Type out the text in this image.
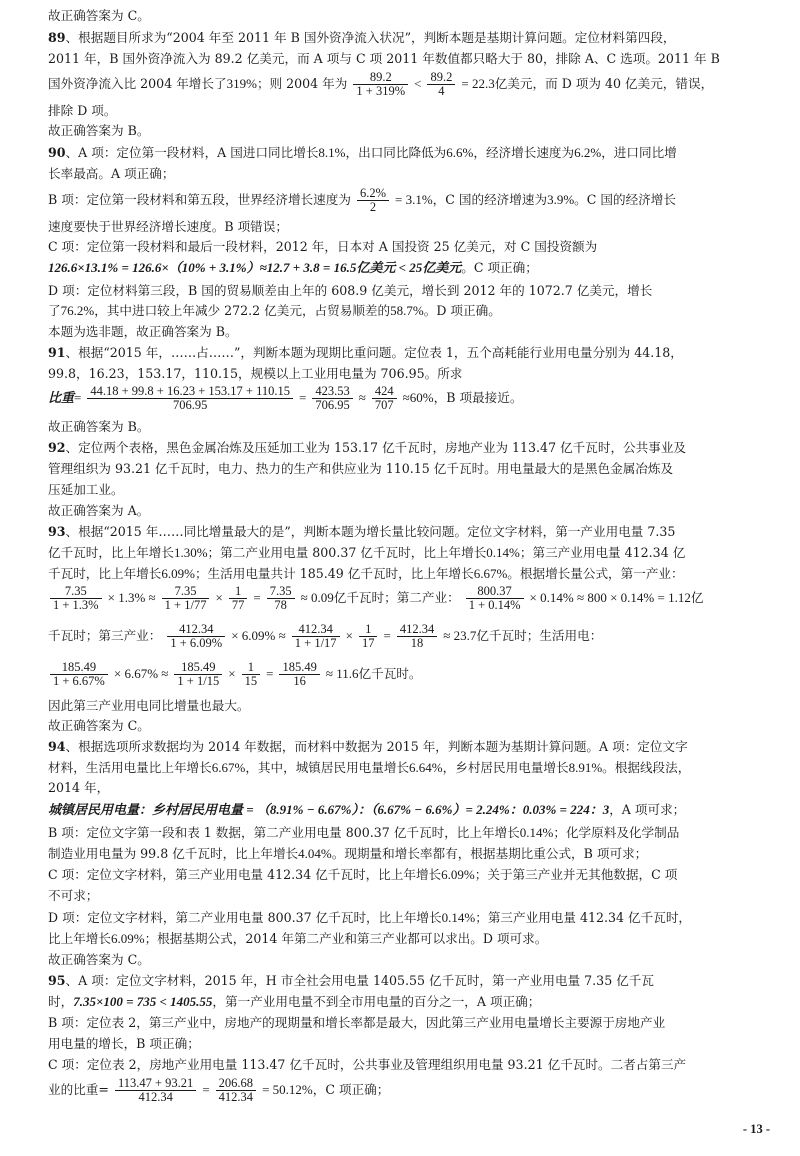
故正确答案为 C。
89、根据题目所求为“2004 年至 2011 年 B 国外资净流入状况”，判断本题是基期计算问题。定位材料第四段，
2011 年，B 国外资净流入为 89.2 亿美元，而 A 项与 C 项 2011 年数值都只略大于 80，排除 A、C 选项。2011 年 B
国外资净流入比 2004 年增长了319%；则 2004 年为 $\frac{89.2}{1 + 319\%} < \frac{89.2}{4} = 22.3$亿美元，而 D 项为 40 亿美元，错误，
排除 D 项。
故正确答案为 B。
90、A 项：定位第一段材料，A 国进口同比增长8.1%，出口同比降低为6.6%，经济增长速度为6.2%，进口同比增
长率最高。A 项正确；
B 项：定位第一段材料和第五段，世界经济增长速度为 $\frac{6.2\%}{2} = 3.1\%$，C 国的经济增速为3.9%。C 国的经济增长
速度要快于世界经济增长速度。B 项错误；
C 项：定位第一段材料和最后一段材料，2012 年，日本对 A 国投资 25 亿美元，对 C 国投资额为
126.6×13.1% = 126.6×（10% + 3.1%）≈12.7 + 3.8 = 16.5亿美元 < 25亿美元。C 项正确；
D 项：定位材料第三段，B 国的贸易顺差由上年的 608.9 亿美元，增长到 2012 年的 1072.7 亿美元，增长
了76.2%，其中进口较上年减少 272.2 亿美元，占贸易顺差的58.7%。D 项正确。
本题为选非题，故正确答案为 B。
91、根据“2015 年，……占……”，判断本题为现期比重问题。定位表 1，五个高耗能行业用电量分别为 44.18，
99.8，16.23，153.17，110.15，规模以上工业用电量为 706.95。所求
比重= $\frac{44.18 + 99.8 + 16.23 + 153.17 + 110.15}{706.95} = \frac{423.53}{706.95} \approx \frac{424}{707} \approx 60\%$，B 项最接近。
故正确答案为 B。
92、定位两个表格，黑色金属冶炼及压延加工业为 153.17 亿千瓦时，房地产业为 113.47 亿千瓦时，公共事业及
管理组织为 93.21 亿千瓦时，电力、热力的生产和供应业为 110.15 亿千瓦时。用电量最大的是黑色金属冶炼及
压延加工业。
故正确答案为 A。
93、根据“2015 年……同比增量最大的是”，判断本题为增长量比较问题。定位文字材料，第一产业用电量 7.35
亿千瓦时，比上年增长1.30%；第二产业用电量 800.37 亿千瓦时，比上年增长0.14%；第三产业用电量 412.34 亿
千瓦时，比上年增长6.09%；生活用电量共计 185.49 亿千瓦时，比上年增长6.67%。根据增长量公式，第一产业：
$\frac{7.35}{1 + 1.3\%} \times 1.3\% \approx \frac{7.35}{1 + 1/77} \times \frac{1}{77} = \frac{7.35}{78} \approx 0.09$亿千瓦时；第二产业： $\frac{800.37}{1 + 0.14\%} \times 0.14\% \approx 800 \times 0.14\% = 1.12$亿
千瓦时；第三产业： $\frac{412.34}{1 + 6.09\%} \times 6.09\% \approx \frac{412.34}{1 + 1/17} \times \frac{1}{17} = \frac{412.34}{18} \approx 23.7$亿千瓦时；生活用电：
$\frac{185.49}{1 + 6.67\%} \times 6.67\% \approx \frac{185.49}{1 + 1/15} \times \frac{1}{15} = \frac{185.49}{16} \approx 11.6$亿千瓦时。
因此第三产业用电同比增量也最大。
故正确答案为 C。
94、根据选项所求数据均为 2014 年数据，而材料中数据为 2015 年，判断本题为基期计算问题。A 项：定位文字
材料，生活用电量比上年增长6.67%，其中，城镇居民用电量增长6.64%，乡村居民用电量增长8.91%。根据线段法，
2014 年，
城镇居民用电量：乡村居民用电量 = （8.91% − 6.67%）：（6.67% − 6.6%）= 2.24%：0.03% = 224：3，A 项可求；
B 项：定位文字第一段和表 1 数据，第二产业用电量 800.37 亿千瓦时，比上年增长0.14%；化学原料及化学制品
制造业用电量为 99.8 亿千瓦时，比上年增长4.04%。现期量和增长率都有，根据基期比重公式，B 项可求；
C 项：定位文字材料，第三产业用电量 412.34 亿千瓦时，比上年增长6.09%；关于第三产业并无其他数据，C 项
不可求；
D 项：定位文字材料，第二产业用电量 800.37 亿千瓦时，比上年增长0.14%；第三产业用电量 412.34 亿千瓦时，
比上年增长6.09%；根据基期公式，2014 年第二产业和第三产业都可以求出。D 项可求。
故正确答案为 C。
95、A 项：定位文字材料，2015 年，H 市全社会用电量 1405.55 亿千瓦时，第一产业用电量 7.35 亿千瓦
时，7.35×100 = 735 < 1405.55，第一产业用电量不到全市用电量的百分之一，A 项正确；
B 项：定位表 2，第三产业中，房地产的现期量和增长率都是最大，因此第三产业用电量增长主要源于房地产业
用电量的增长，B 项正确；
C 项：定位表 2，房地产业用电量 113.47 亿千瓦时，公共事业及管理组织用电量 93.21 亿千瓦时。二者占第三产
业的比重= $\frac{113.47 + 93.21}{412.34} = \frac{206.68}{412.34} = 50.12\%$，C 项正确；
- 13 -
